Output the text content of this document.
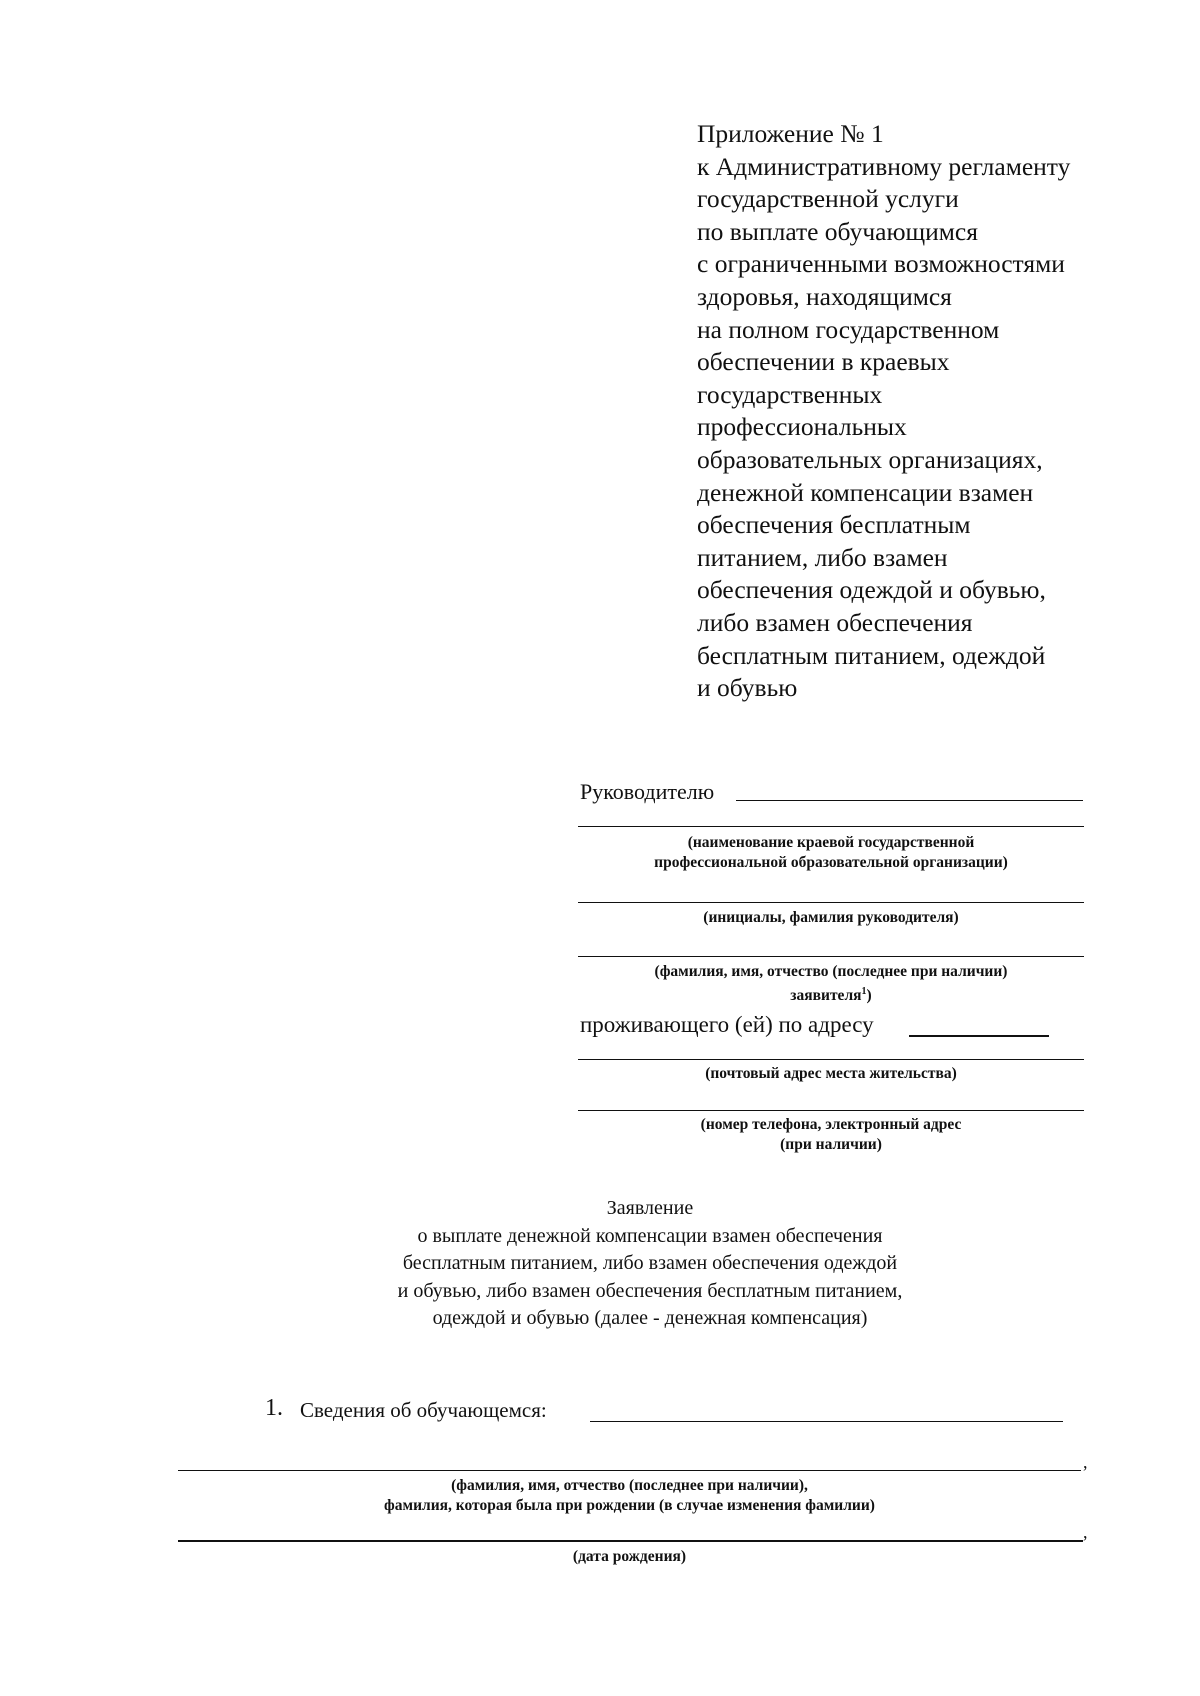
Приложение № 1
к Административному регламенту
государственной услуги
по выплате обучающимся
с ограниченными возможностями
здоровья, находящимся
на полном государственном
обеспечении в краевых
государственных
профессиональных
образовательных организациях,
денежной компенсации взамен
обеспечения бесплатным
питанием, либо взамен
обеспечения одеждой и обувью,
либо взамен обеспечения
бесплатным питанием, одеждой
и обувью
Руководителю
(наименование краевой государственной
профессиональной образовательной организации)
(инициалы, фамилия руководителя)
(фамилия, имя, отчество (последнее при наличии)
заявителя$^1$)
проживающего (ей) по адресу
(почтовый адрес места жительства)
(номер телефона, электронный адрес
(при наличии)
Заявление
о выплате денежной компенсации взамен обеспечения
бесплатным питанием, либо взамен обеспечения одеждой
и обувью, либо взамен обеспечения бесплатным питанием,
одеждой и обувью (далее - денежная компенсация)
1. Сведения об обучающемся:
,
(фамилия, имя, отчество (последнее при наличии),
фамилия, которая была при рождении (в случае изменения фамилии)
,
(дата рождения)
